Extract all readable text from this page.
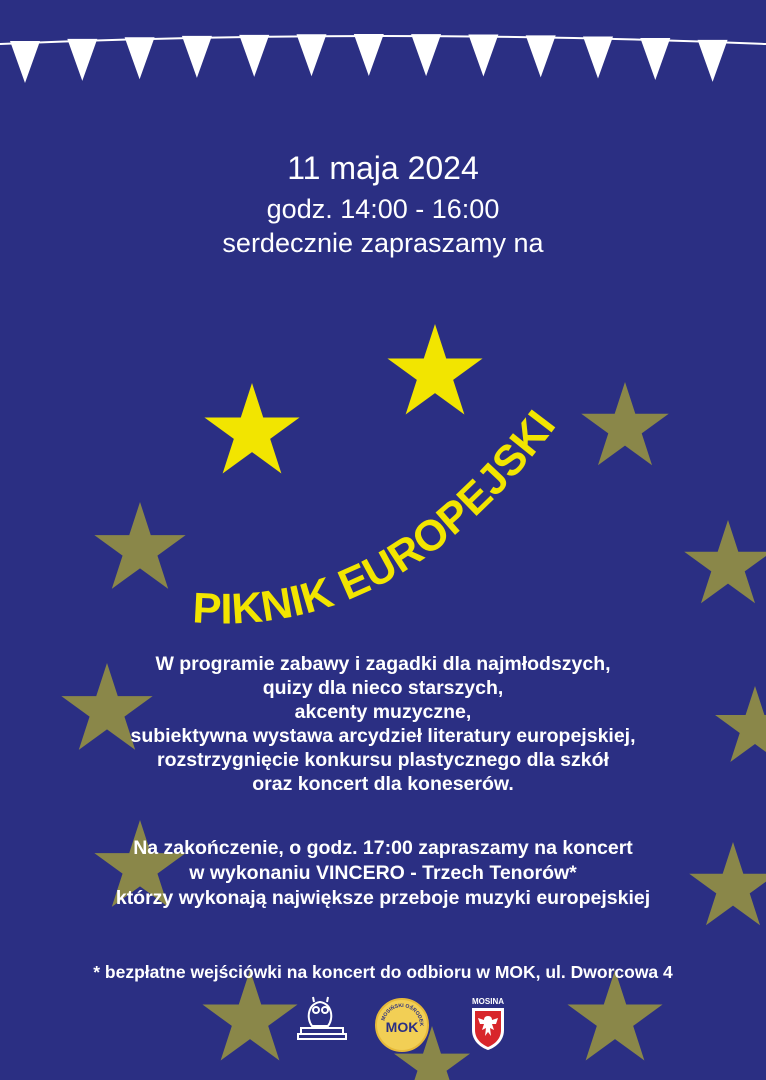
PIKNIK EUROPEJSKI
11 maja 2024
godz. 14:00 - 16:00
serdecznie zapraszamy na
W programie zabawy i zagadki dla najmłodszych,
quizy dla nieco starszych,
akcenty muzyczne,
subiektywna wystawa arcydzieł literatury europejskiej,
rozstrzygnięcie konkursu plastycznego dla szkół
oraz koncert dla koneserów.
Na zakończenie, o godz. 17:00 zapraszamy na koncert
w wykonaniu VINCERO - Trzech Tenorów*
którzy wykonają największe przeboje muzyki europejskiej
* bezpłatne wejściówki na koncert do odbioru w MOK, ul. Dworcowa 4
MOSIŃSKI OŚRODEK
MOK
MOSINA
